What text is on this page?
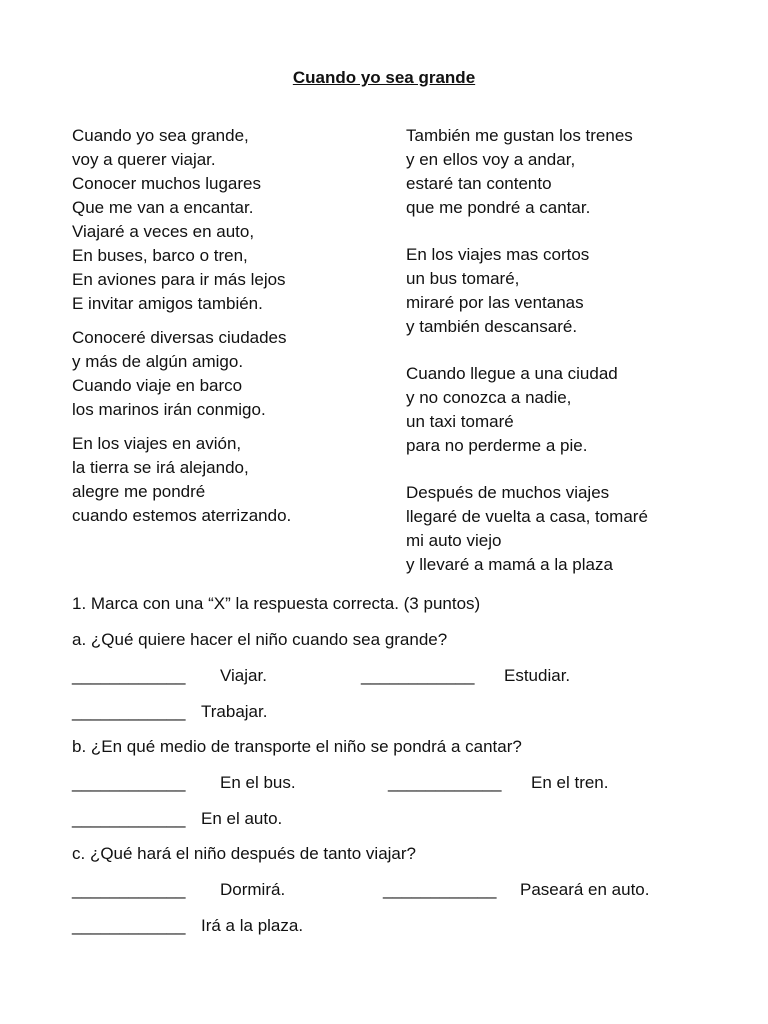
Cuando yo sea grande

Cuando yo sea grande,
voy a querer viajar.
Conocer muchos lugares
Que me van a encantar.
Viajaré a veces en auto,
En buses, barco o tren,
En aviones para ir más lejos
E invitar amigos también.

Conoceré diversas ciudades
y más de algún amigo.
Cuando viaje en barco
los marinos irán conmigo.

En los viajes en avión,
la tierra se irá alejando,
alegre me pondré
cuando estemos aterrizando.

También me gustan los trenes
y en ellos voy a andar,
estaré tan contento
que me pondré a cantar.

En los viajes mas cortos
un bus tomaré,
miraré por las ventanas
y también descansaré.

Cuando llegue a una ciudad
y no conozca a nadie,
un taxi tomaré
para no perderme a pie.

Después de muchos viajes
llegaré de vuelta a casa, tomaré
mi auto viejo
y llevaré a mamá a la plaza

1. Marca con una “X” la respuesta correcta. (3 puntos)
a. ¿Qué quiere hacer el niño cuando sea grande?
____________ Viajar.	____________ Estudiar.
____________ Trabajar.
b. ¿En qué medio de transporte el niño se pondrá a cantar?
____________ En el bus.	____________ En el tren.
____________ En el auto.
c. ¿Qué hará el niño después de tanto viajar?
____________ Dormirá.	____________ Paseará en auto.
____________ Irá a la plaza.
